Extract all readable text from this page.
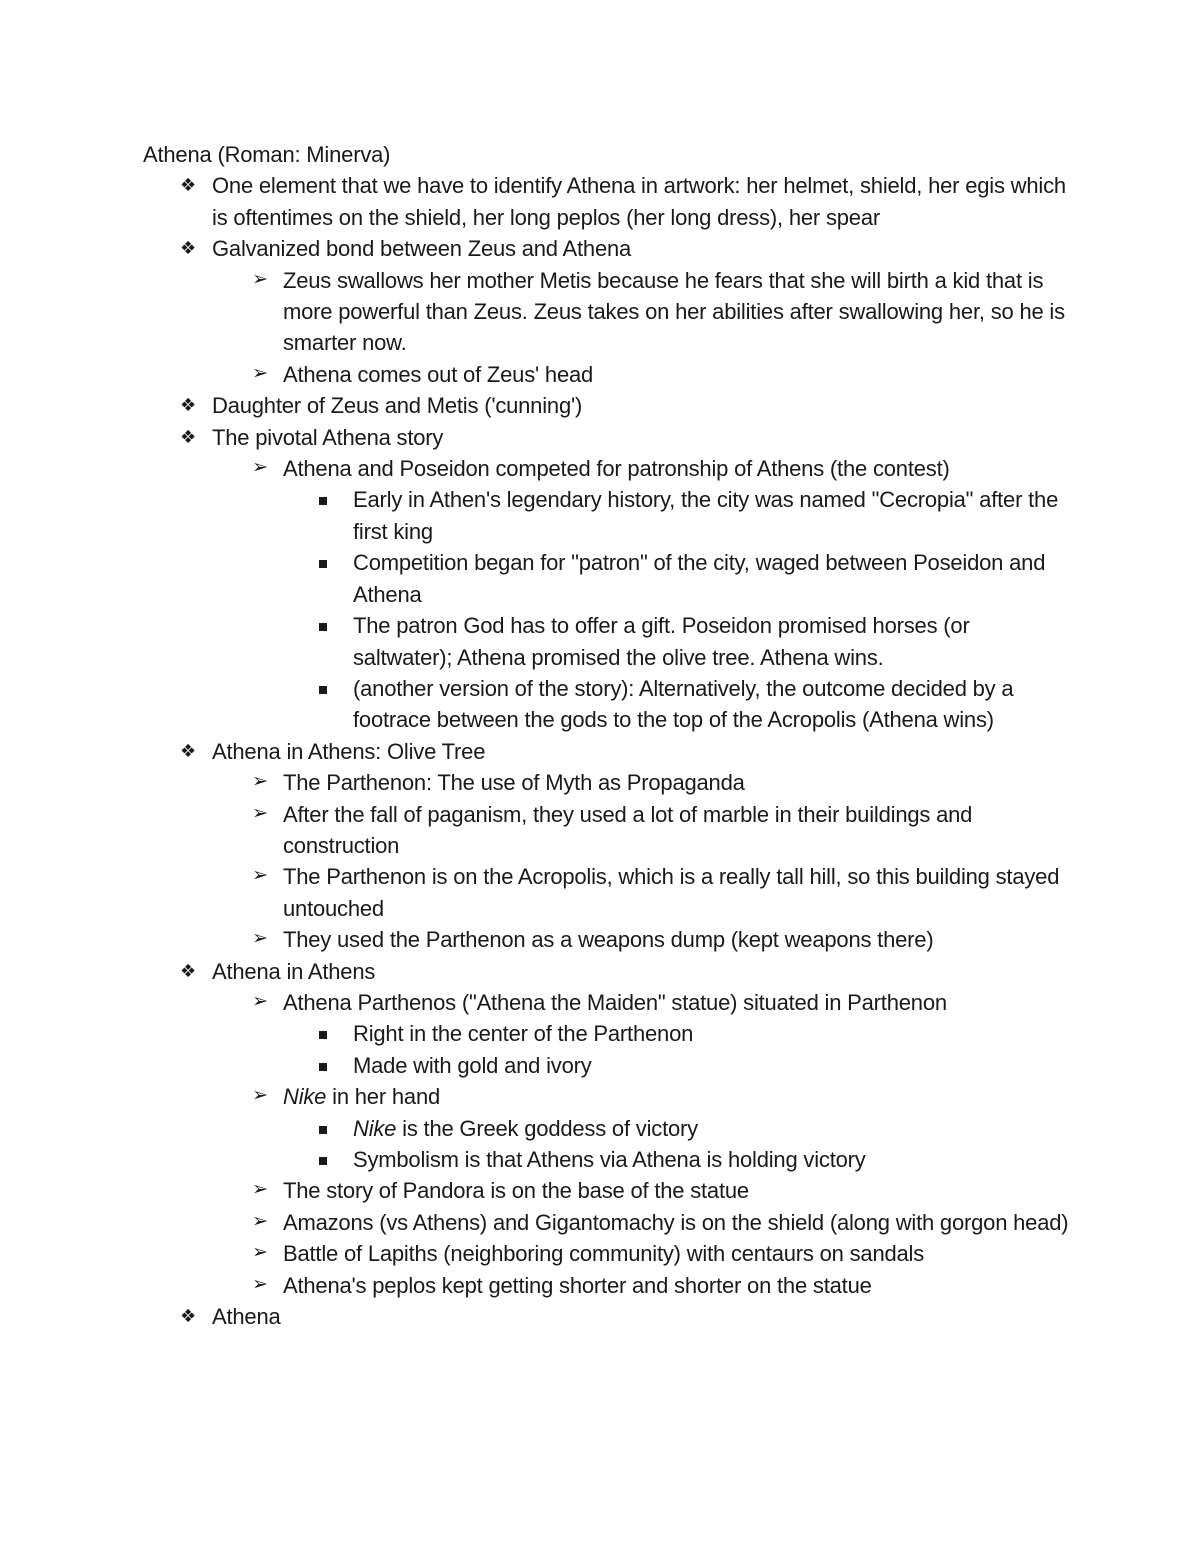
Athena (Roman: Minerva)

❖ One element that we have to identify Athena in artwork: her helmet, shield, her egis which is oftentimes on the shield, her long peplos (her long dress), her spear
❖ Galvanized bond between Zeus and Athena
➢ Zeus swallows her mother Metis because he fears that she will birth a kid that is more powerful than Zeus. Zeus takes on her abilities after swallowing her, so he is smarter now.
➢ Athena comes out of Zeus' head
❖ Daughter of Zeus and Metis ('cunning')
❖ The pivotal Athena story
➢ Athena and Poseidon competed for patronship of Athens (the contest)
Early in Athen's legendary history, the city was named "Cecropia" after the first king
Competition began for "patron" of the city, waged between Poseidon and Athena
The patron God has to offer a gift. Poseidon promised horses (or saltwater); Athena promised the olive tree. Athena wins.
(another version of the story): Alternatively, the outcome decided by a footrace between the gods to the top of the Acropolis (Athena wins)
❖ Athena in Athens: Olive Tree
➢ The Parthenon: The use of Myth as Propaganda
➢ After the fall of paganism, they used a lot of marble in their buildings and construction
➢ The Parthenon is on the Acropolis, which is a really tall hill, so this building stayed untouched
➢ They used the Parthenon as a weapons dump (kept weapons there)
❖ Athena in Athens
➢ Athena Parthenos ("Athena the Maiden" statue) situated in Parthenon
Right in the center of the Parthenon
Made with gold and ivory
➢ Nike in her hand
Nike is the Greek goddess of victory
Symbolism is that Athens via Athena is holding victory
➢ The story of Pandora is on the base of the statue
➢ Amazons (vs Athens) and Gigantomachy is on the shield (along with gorgon head)
➢ Battle of Lapiths (neighboring community) with centaurs on sandals
➢ Athena's peplos kept getting shorter and shorter on the statue
❖ Athena
